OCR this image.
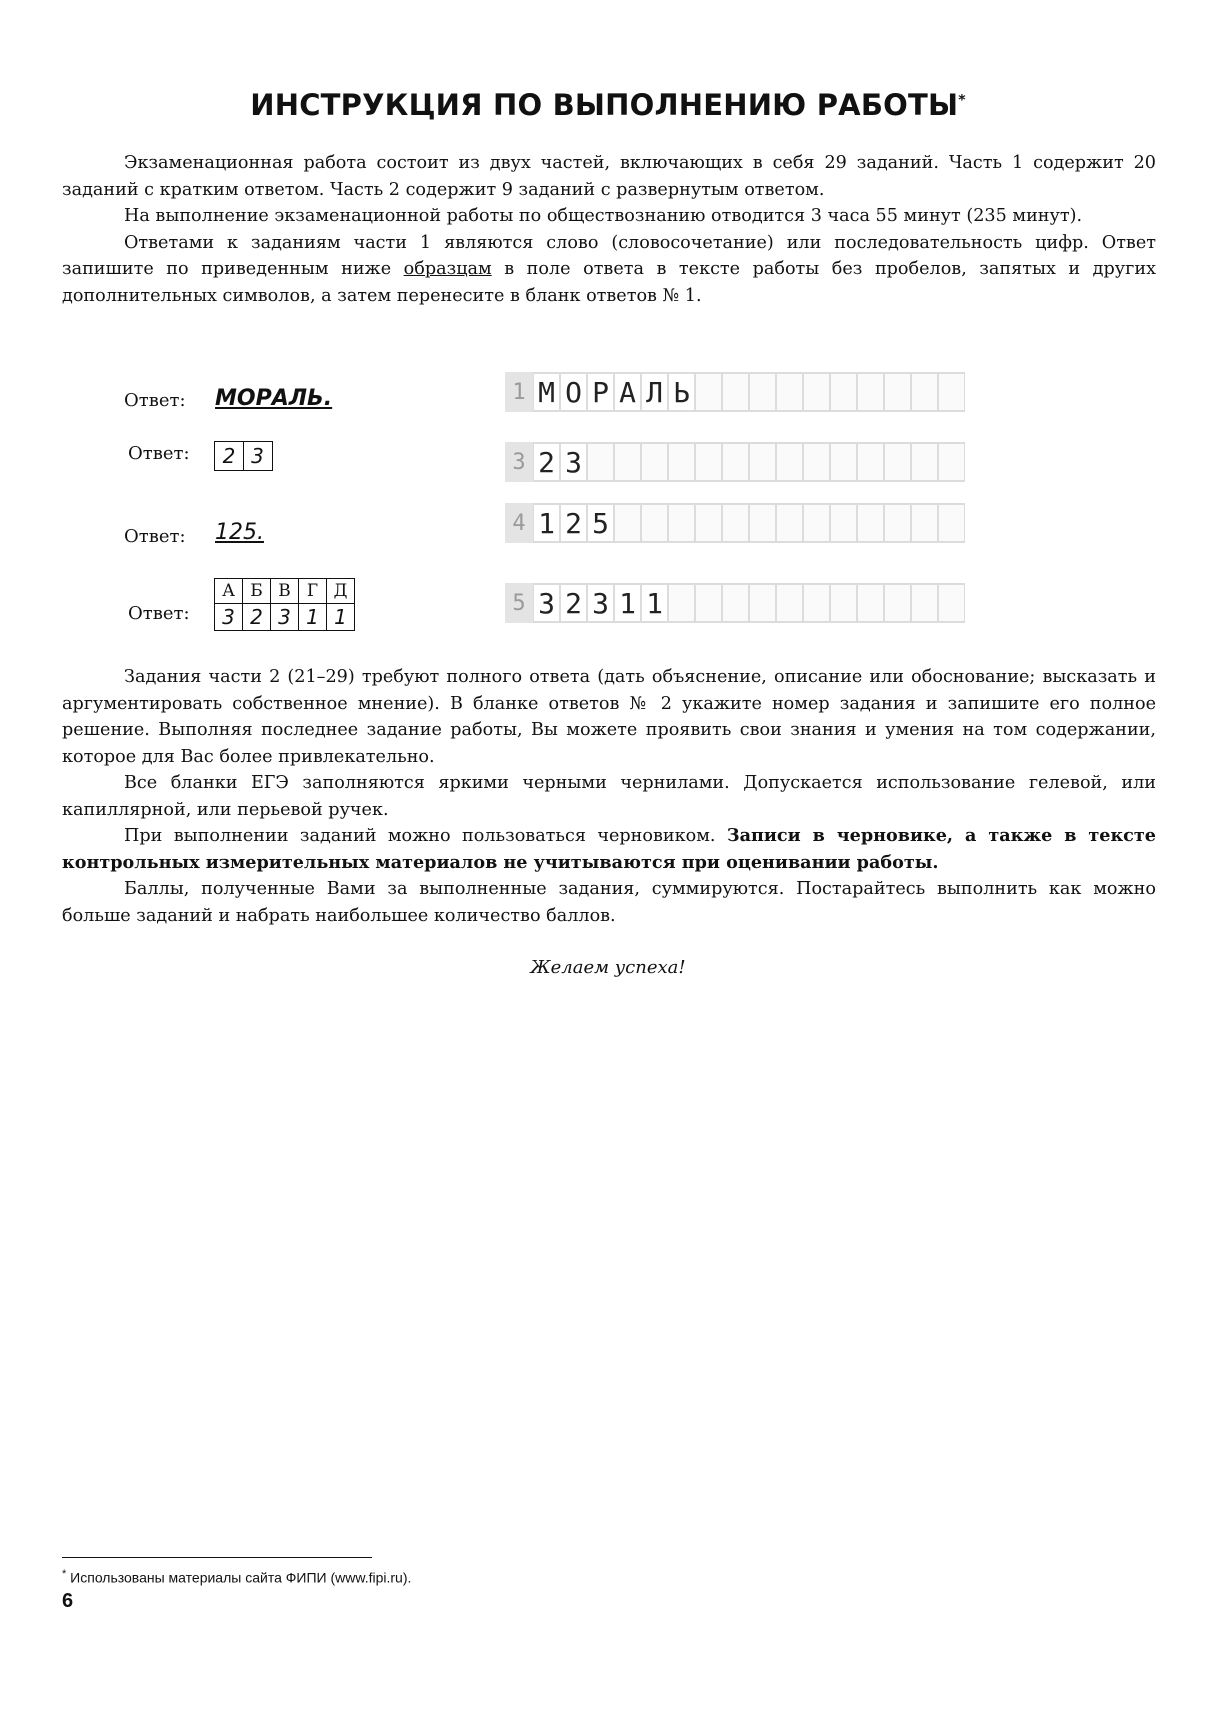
ИНСТРУКЦИЯ ПО ВЫПОЛНЕНИЮ РАБОТЫ*

Экзаменационная работа состоит из двух частей, включающих в себя 29 заданий. Часть 1 содержит 20 заданий с кратким ответом. Часть 2 содержит 9 заданий с развернутым ответом.

На выполнение экзаменационной работы по обществознанию отводится 3 часа 55 минут (235 минут).

Ответами к заданиям части 1 являются слово (словосочетание) или последовательность цифр. Ответ запишите по приведенным ниже образцам в поле ответа в тексте работы без пробелов, запятых и других дополнительных символов, а затем перенесите в бланк ответов № 1.

Ответ: МОРАЛЬ.
Ответ:	2 3
Ответ: 125.
Ответ:
А	Б	В	Г	Д
3	2	3	1	1
1 М О Р А Л Ь
3 2 3
4 1 2 5
5 3 2 3 1 1

Задания части 2 (21–29) требуют полного ответа (дать объяснение, описание или обоснование; высказать и аргументировать собственное мнение). В бланке ответов № 2 укажите номер задания и запишите его полное решение. Выполняя последнее задание работы, Вы можете проявить свои знания и умения на том содержании, которое для Вас более привлекательно.

Все бланки ЕГЭ заполняются яркими черными чернилами. Допускается использование гелевой, или капиллярной, или перьевой ручек.

При выполнении заданий можно пользоваться черновиком. Записи в черновике, а также в тексте контрольных измерительных материалов не учитываются при оценивании работы.

Баллы, полученные Вами за выполненные задания, суммируются. Постарайтесь выполнить как можно больше заданий и набрать наибольшее количество баллов.

Желаем успеха!
* Использованы материалы сайта ФИПИ (www.fipi.ru).
6
